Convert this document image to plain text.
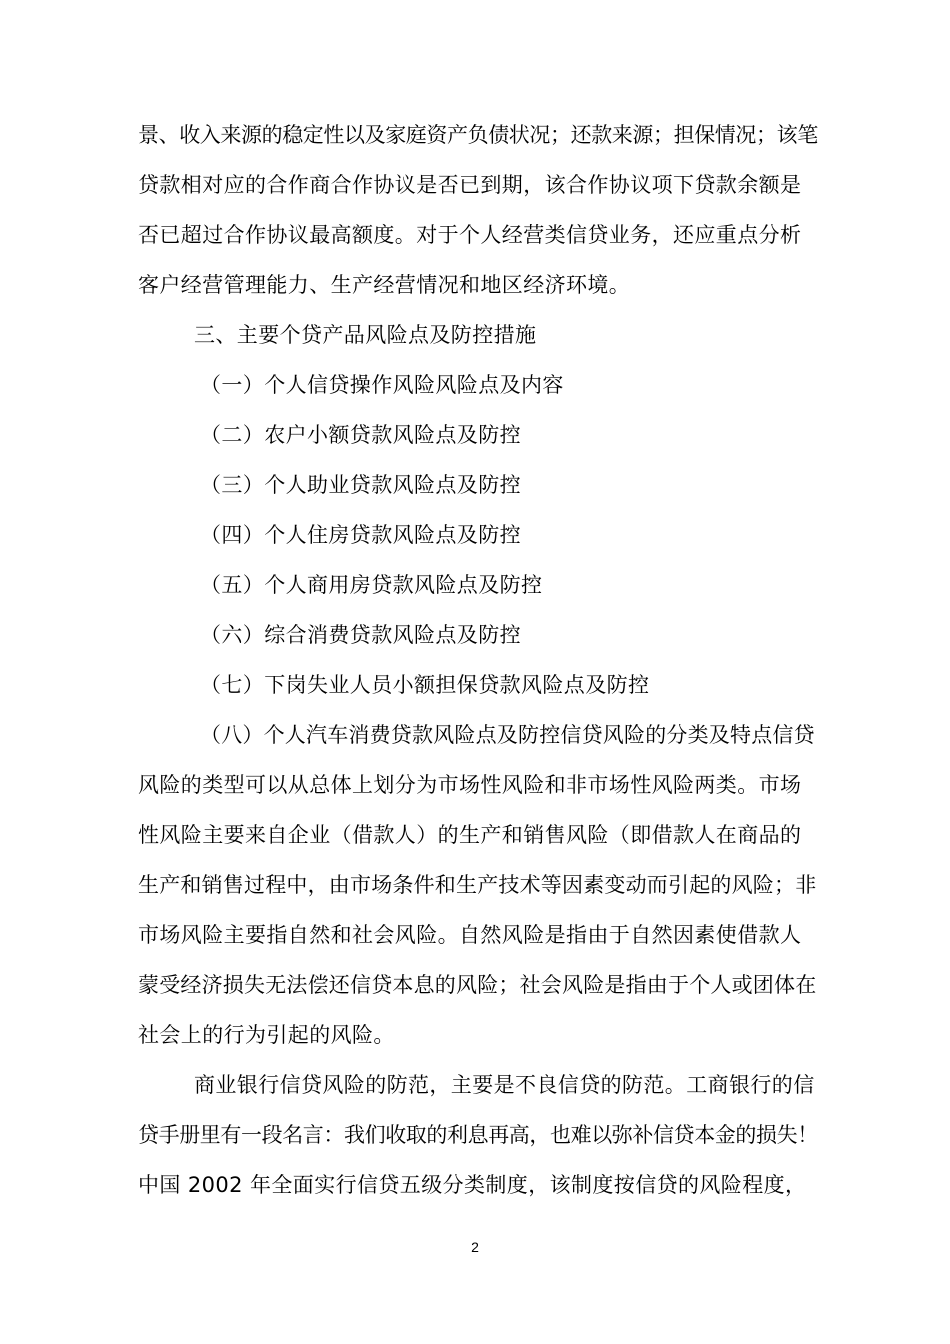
景、收入来源的稳定性以及家庭资产负债状况；还款来源；担保情况；该笔
贷款相对应的合作商合作协议是否已到期，该合作协议项下贷款余额是
否已超过合作协议最高额度。对于个人经营类信贷业务，还应重点分析
客户经营管理能力、生产经营情况和地区经济环境。
三、主要个贷产品风险点及防控措施
（一）个人信贷操作风险风险点及内容
（二）农户小额贷款风险点及防控
（三）个人助业贷款风险点及防控
（四）个人住房贷款风险点及防控
（五）个人商用房贷款风险点及防控
（六）综合消费贷款风险点及防控
（七）下岗失业人员小额担保贷款风险点及防控
（八）个人汽车消费贷款风险点及防控信贷风险的分类及特点信贷
风险的类型可以从总体上划分为市场性风险和非市场性风险两类。市场
性风险主要来自企业（借款人）的生产和销售风险（即借款人在商品的
生产和销售过程中，由市场条件和生产技术等因素变动而引起的风险；非
市场风险主要指自然和社会风险。自然风险是指由于自然因素使借款人
蒙受经济损失无法偿还信贷本息的风险；社会风险是指由于个人或团体在
社会上的行为引起的风险。
商业银行信贷风险的防范，主要是不良信贷的防范。工商银行的信
贷手册里有一段名言：我们收取的利息再高，也难以弥补信贷本金的损失！
中国 2002 年全面实行信贷五级分类制度，该制度按信贷的风险程度，
2
